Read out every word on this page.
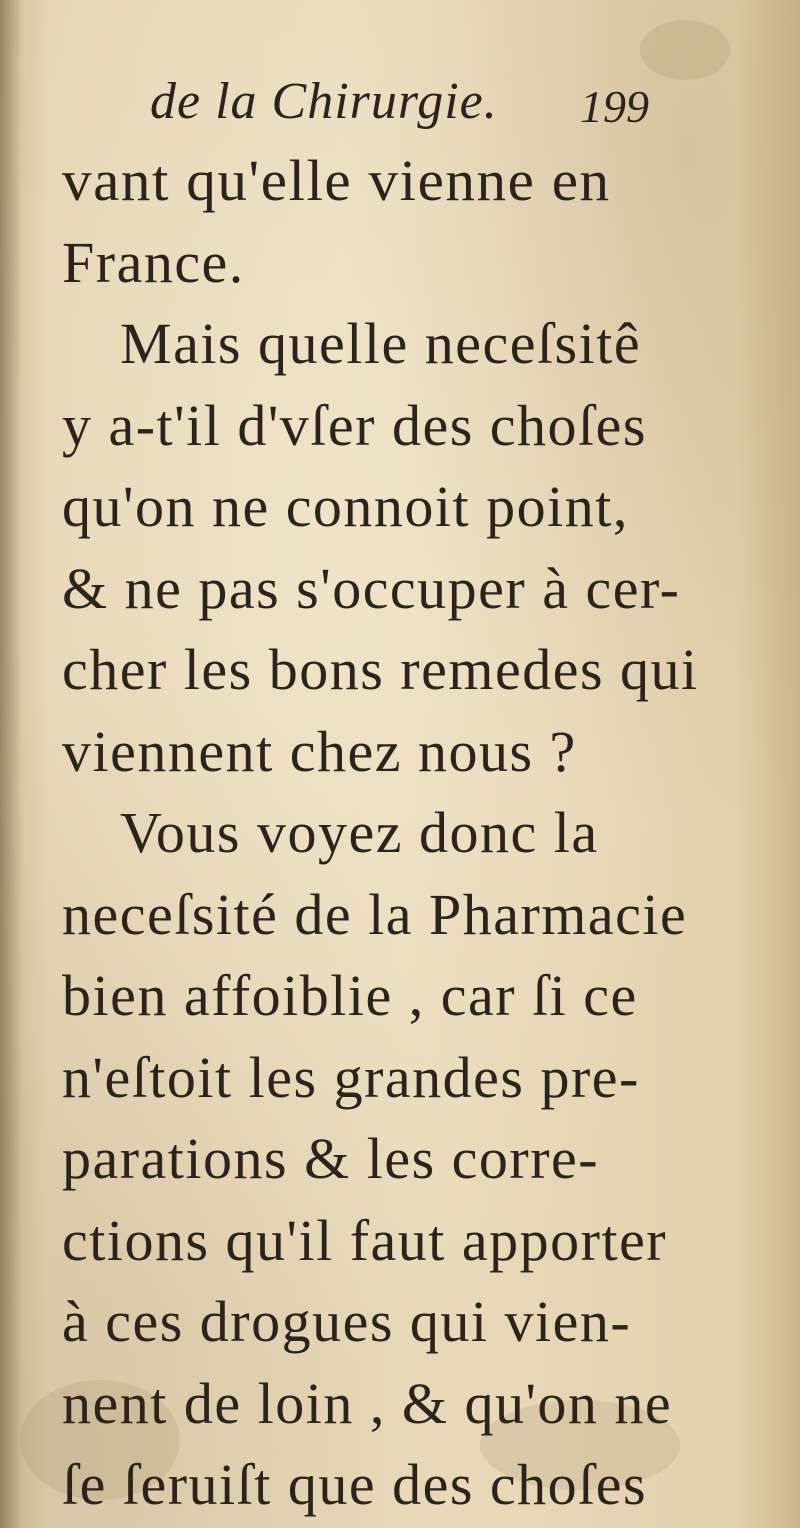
de la Chirurgie. 199
vant qu'elle vienne en
France.
Mais quelle neceſsitê
y a-t'il d'vſer des choſes
qu'on ne connoit point,
& ne pas s'occuper à cer-
cher les bons remedes qui
viennent chez nous ?
Vous voyez donc la
neceſsité de la Pharmacie
bien affoiblie , car ſi ce
n'eſtoit les grandes pre-
parations & les corre-
ctions qu'il faut apporter
à ces drogues qui vien-
nent de loin , & qu'on ne
ſe ſeruiſt que des choſes
